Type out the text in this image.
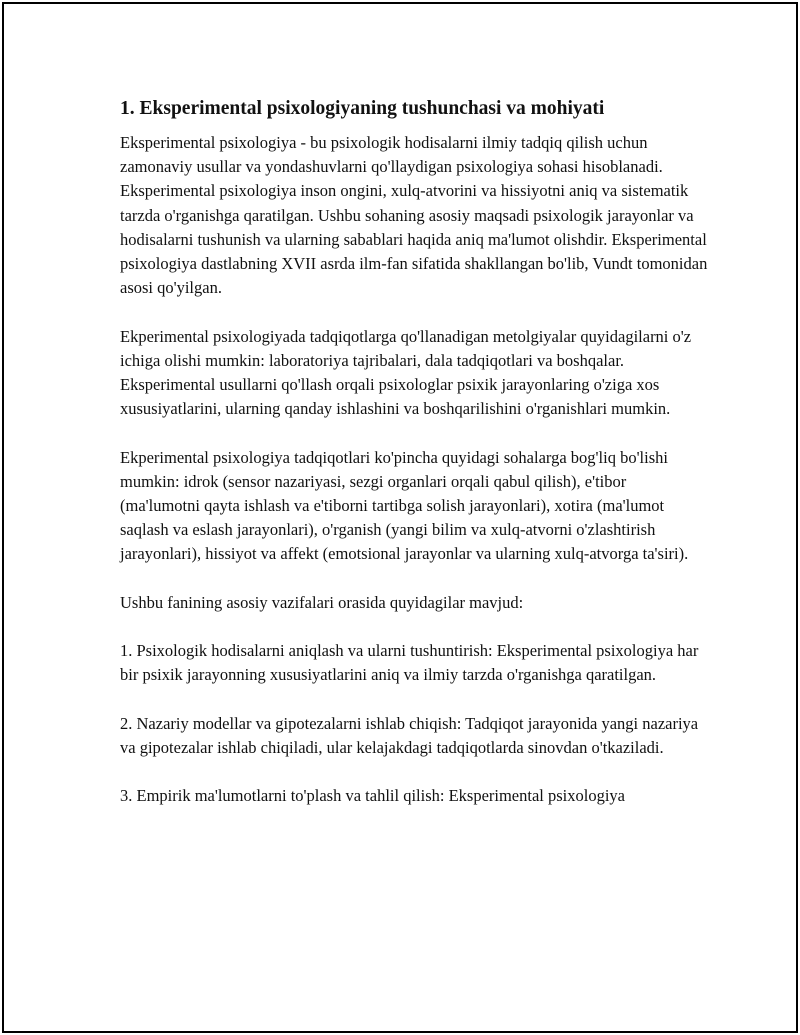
1. Eksperimental psixologiyaning tushunchasi va mohiyati

Eksperimental psixologiya - bu psixologik hodisalarni ilmiy tadqiq qilish uchun zamonaviy usullar va yondashuvlarni qo'llaydigan psixologiya sohasi hisoblanadi. Eksperimental psixologiya inson ongini, xulq-atvorini va hissiyotni aniq va sistematik tarzda o'rganishga qaratilgan. Ushbu sohaning asosiy maqsadi psixologik jarayonlar va hodisalarni tushunish va ularning sabablari haqida aniq ma'lumot olishdir. Eksperimental psixologiya dastlabning XVII asrda ilm-fan sifatida shakllangan bo'lib, Vundt tomonidan asosi qo'yilgan.

Ekperimental psixologiyada tadqiqotlarga qo'llanadigan metolgiyalar quyidagilarni o'z ichiga olishi mumkin: laboratoriya tajribalari, dala tadqiqotlari va boshqalar. Eksperimental usullarni qo'llash orqali psixologlar psixik jarayonlaring o'ziga xos xususiyatlarini, ularning qanday ishlashini va boshqarilishini o'rganishlari mumkin.

Ekperimental psixologiya tadqiqotlari ko'pincha quyidagi sohalarga bog'liq bo'lishi mumkin: idrok (sensor nazariyasi, sezgi organlari orqali qabul qilish), e'tibor (ma'lumotni qayta ishlash va e'tiborni tartibga solish jarayonlari), xotira (ma'lumot saqlash va eslash jarayonlari), o'rganish (yangi bilim va xulq-atvorni o'zlashtirish jarayonlari), hissiyot va affekt (emotsional jarayonlar va ularning xulq-atvorga ta'siri).

Ushbu fanining asosiy vazifalari orasida quyidagilar mavjud:

1. Psixologik hodisalarni aniqlash va ularni tushuntirish: Eksperimental psixologiya har bir psixik jarayonning xususiyatlarini aniq va ilmiy tarzda o'rganishga qaratilgan.

2. Nazariy modellar va gipotezalarni ishlab chiqish: Tadqiqot jarayonida yangi nazariya va gipotezalar ishlab chiqiladi, ular kelajakdagi tadqiqotlarda sinovdan o'tkaziladi.

3. Empirik ma'lumotlarni to'plash va tahlil qilish: Eksperimental psixologiya
